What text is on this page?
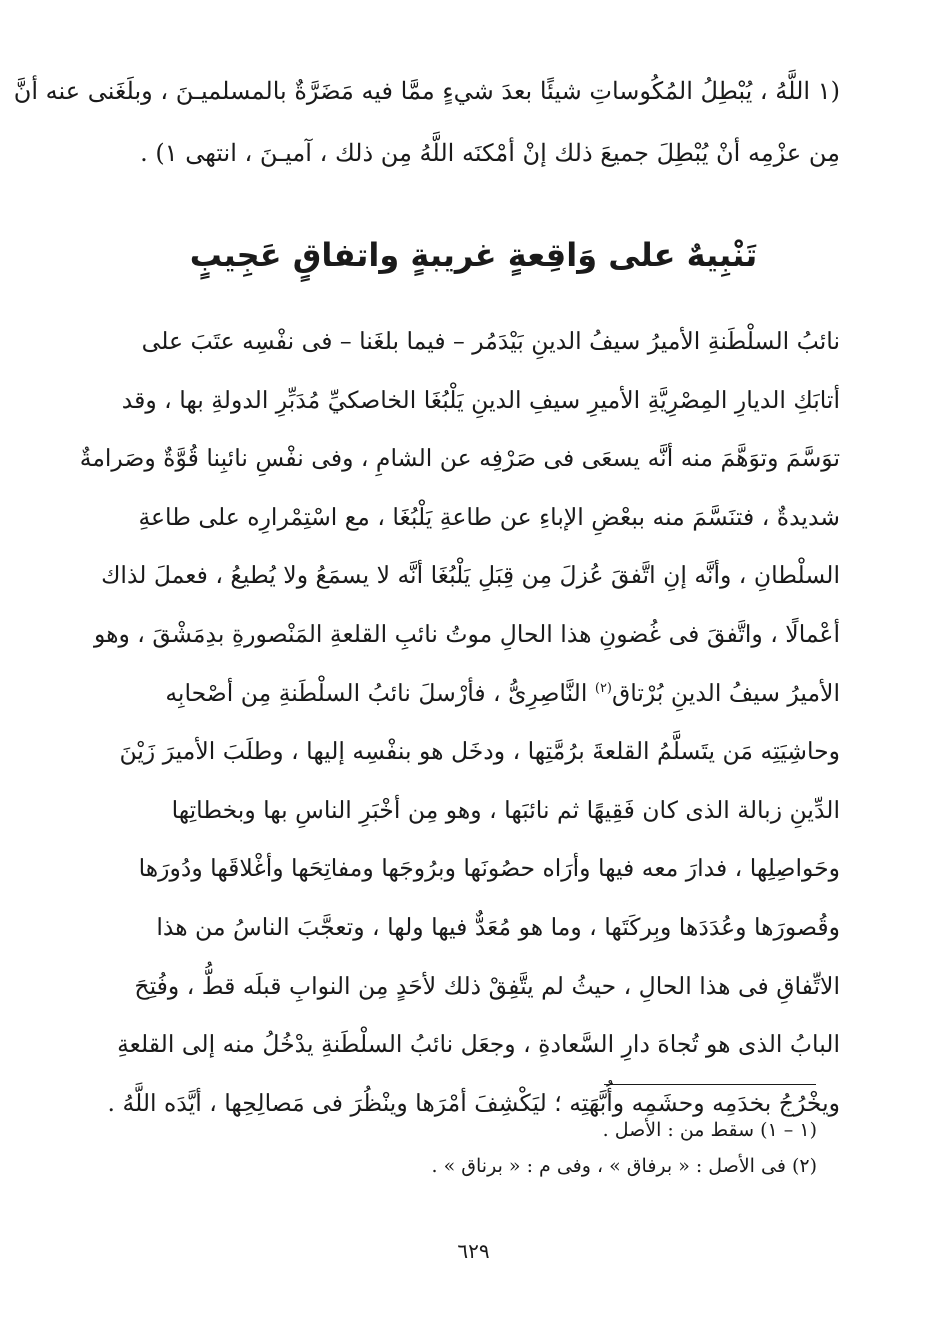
(١ اللَّهُ ، يُبْطِلُ المُكُوساتِ شيئًا بعدَ شيءٍ ممَّا فيه مَضَرَّةٌ بالمسلميـنَ ، وبلَغَنى عنه أنَّ
مِن عزْمِه أنْ يُبْطِلَ جميعَ ذلك إنْ أمْكنَه اللَّهُ مِن ذلك ، آميـنَ ، انتهى ١) .
تَنْبِيهٌ على وَاقِعةٍ غريبةٍ واتفاقٍ عَجِيبٍ
نائبُ السلْطَنةِ الأميرُ سيفُ الدينِ بَيْدَمُر – فيما بلغَنا – فى نفْسِه عتَبَ على
أتابَكِ الديارِ المِصْرِيَّةِ الأميرِ سيفِ الدينِ يَلْبُغَا الخاصكيِّ مُدَبِّرِ الدولةِ بها ، وقد
توَسَّمَ وتوَهَّمَ منه أنَّه يسعَى فى صَرْفِه عن الشامِ ، وفى نفْسِ نائبِنا قُوَّةٌ وصَرامةٌ
شديدةٌ ، فتنَسَّمَ منه ببعْضِ الإباءِ عن طاعةِ يَلْبُغَا ، مع اسْتِمْرارِه على طاعةِ
السلْطانِ ، وأنَّه إنِ اتَّفقَ عُزلَ مِن قِبَلِ يَلْبُغَا أنَّه لا يسمَعُ ولا يُطيعُ ، فعملَ لذاك
أعْمالًا ، واتَّفقَ فى غُضونِ هذا الحالِ موتُ نائبِ القلعةِ المَنْصورةِ بدِمَشْقَ ، وهو
الأميرُ سيفُ الدينِ بُرْتاق$^{(٢)}$ النَّاصِرِىُّ ، فأرْسلَ نائبُ السلْطَنةِ مِن أصْحابِه
وحاشِيَتِه مَن يتَسلَّمُ القلعةَ برُمَّتِها ، ودخَل هو بنفْسِه إليها ، وطلَبَ الأميرَ زَيْنَ
الدِّينِ زبالة الذى كان فَقِيهًا ثم نائبَها ، وهو مِن أخْبَرِ الناسِ بها وبخطاتِها
وحَواصِلِها ، فدارَ معه فيها وأرَاه حصُونَها وبرُوجَها ومفاتِحَها وأغْلاقَها ودُورَها
وقُصورَها وعُدَدَها وبِركَتَها ، وما هو مُعَدٌّ فيها ولها ، وتعجَّبَ الناسُ من هذا
الاتِّفاقِ فى هذا الحالِ ، حيثُ لم يتَّفِقْ ذلك لأحَدٍ مِن النوابِ قبلَه قطُّ ، وفُتِحَ
البابُ الذى هو تُجاهَ دارِ السَّعادةِ ، وجعَل نائبُ السلْطَنةِ يدْخُلُ منه إلى القلعةِ
ويخْرُجُ بخدَمِه وحشَمِه وأُبَّهَتِه ؛ ليَكْشِفَ أمْرَها وينْظُرَ فى مَصالِحِها ، أيَّدَه اللَّهُ .
(١ – ١) سقط من : الأصل .
(٢) فى الأصل : « برفاق » ، وفى م : « برناق » .
٦٢٩
